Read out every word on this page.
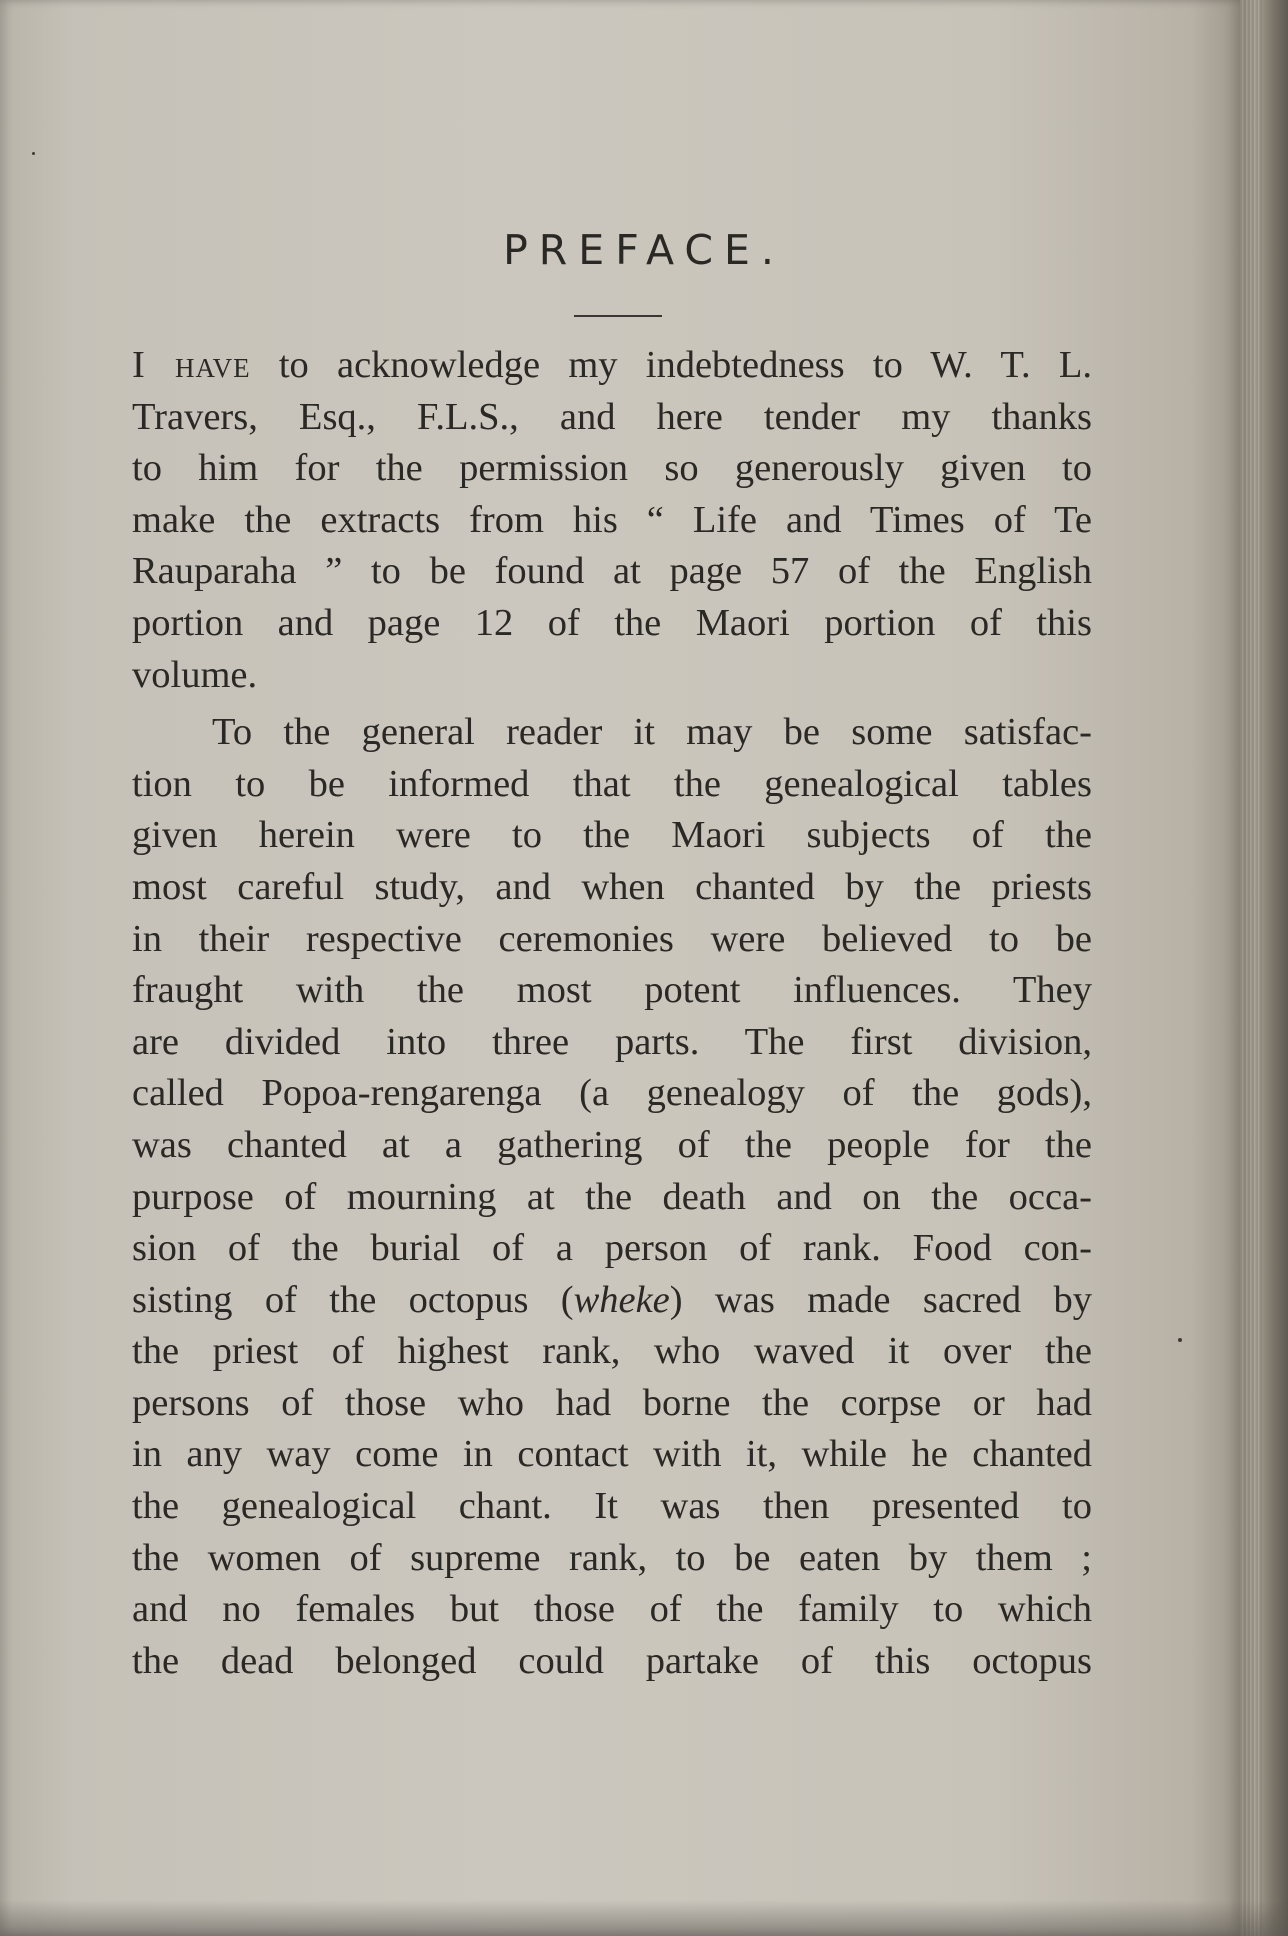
PREFACE.

I have to acknowledge my indebtedness to W. T. L.
Travers, Esq., F.L.S., and here tender my thanks
to him for the permission so generously given to
make the extracts from his “ Life and Times of Te
Rauparaha ” to be found at page 57 of the English
portion and page 12 of the Maori portion of this
volume.

To the general reader it may be some satisfac-
tion to be informed that the genealogical tables
given herein were to the Maori subjects of the
most careful study, and when chanted by the priests
in their respective ceremonies were believed to be
fraught with the most potent influences. They
are divided into three parts. The first division,
called Popoa-rengarenga (a genealogy of the gods),
was chanted at a gathering of the people for the
purpose of mourning at the death and on the occa-
sion of the burial of a person of rank. Food con-
sisting of the octopus (wheke) was made sacred by
the priest of highest rank, who waved it over the
persons of those who had borne the corpse or had
in any way come in contact with it, while he chanted
the genealogical chant. It was then presented to
the women of supreme rank, to be eaten by them ;
and no females but those of the family to which
the dead belonged could partake of this octopus
